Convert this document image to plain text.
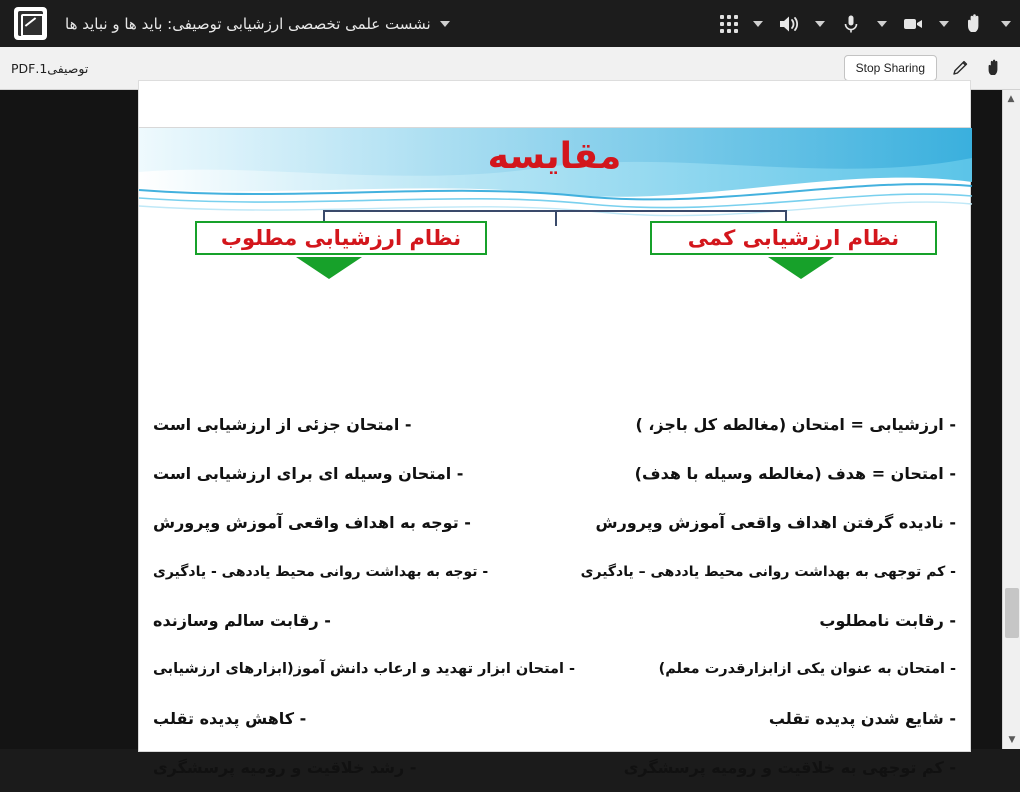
نشست علمی تخصصی ارزشیابی توصیفی: باید ها و نباید ها
توصیفی1.PDF	Stop Sharing
مقایسه
نظام ارزشیابی کمی
نظام ارزشیابی مطلوب
- ارزشیابی = امتحان (مغالطه کل باجز، )
- امتحان = هدف (مغالطه وسیله با هدف)
- نادیده گرفتن اهداف واقعی آموزش وپرورش
- کم توجهی به بهداشت روانی محیط یاددهی – یادگیری
- رقابت نامطلوب
- امتحان به عنوان یکی ازابزارقدرت معلم)
- شایع شدن پدیده تقلب
- کم توجهی به خلاقیت و رومیه پرسشگری
- امتحان جزئی از ارزشیابی است
- امتحان وسیله ای برای ارزشیابی است
- توجه به اهداف واقعی آموزش وپرورش
- توجه به بهداشت روانی محیط یاددهی - یادگیری
- رقابت سالم وسازنده
- امتحان ابزار تهدید و ارعاب دانش آموز(ابزارهای ارزشیابی
- کاهش پدیده تقلب
- رشد خلاقیت و رومیه پرسشگری
▲
▼
